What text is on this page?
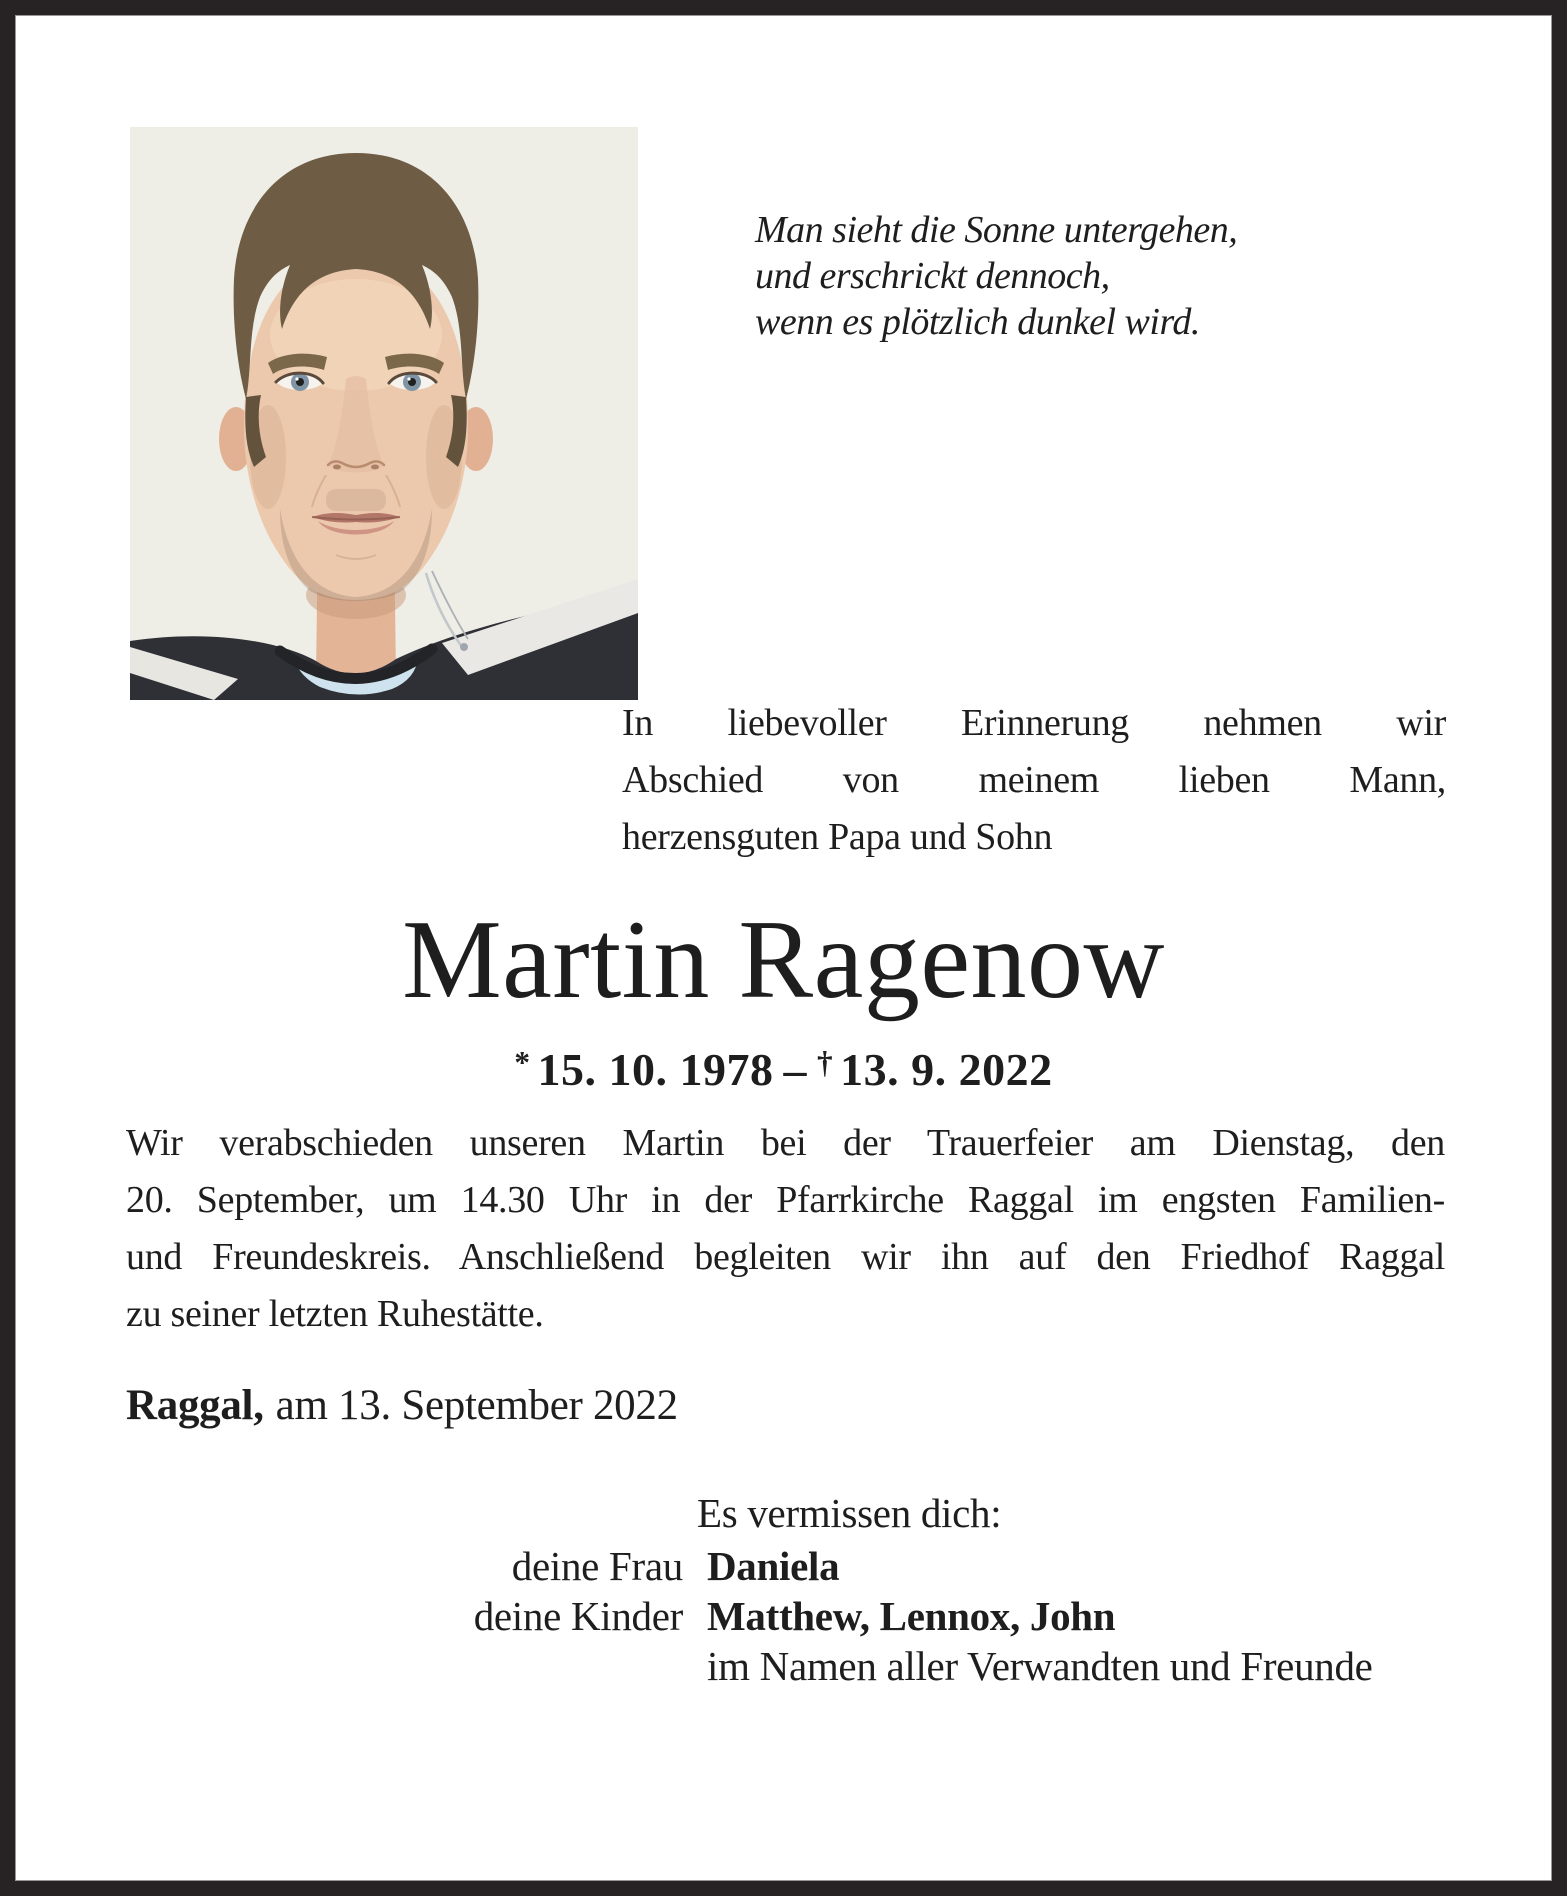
Man sieht die Sonne untergehen,
und erschrickt dennoch,
wenn es plötzlich dunkel wird.
In liebevoller Erinnerung nehmen wir
Abschied von meinem lieben Mann,
herzensguten Papa und Sohn
Martin Ragenow
* 15. 10. 1978 – † 13. 9. 2022
Wir verabschieden unseren Martin bei der Trauerfeier am Dienstag, den
20. September, um 14.30 Uhr in der Pfarrkirche Raggal im engsten Familien-
und Freundeskreis. Anschließend begleiten wir ihn auf den Friedhof Raggal
zu seiner letzten Ruhestätte.
Raggal, am 13. September 2022
Es vermissen dich:
deine Frau Daniela
deine Kinder Matthew, Lennox, John
im Namen aller Verwandten und Freunde
